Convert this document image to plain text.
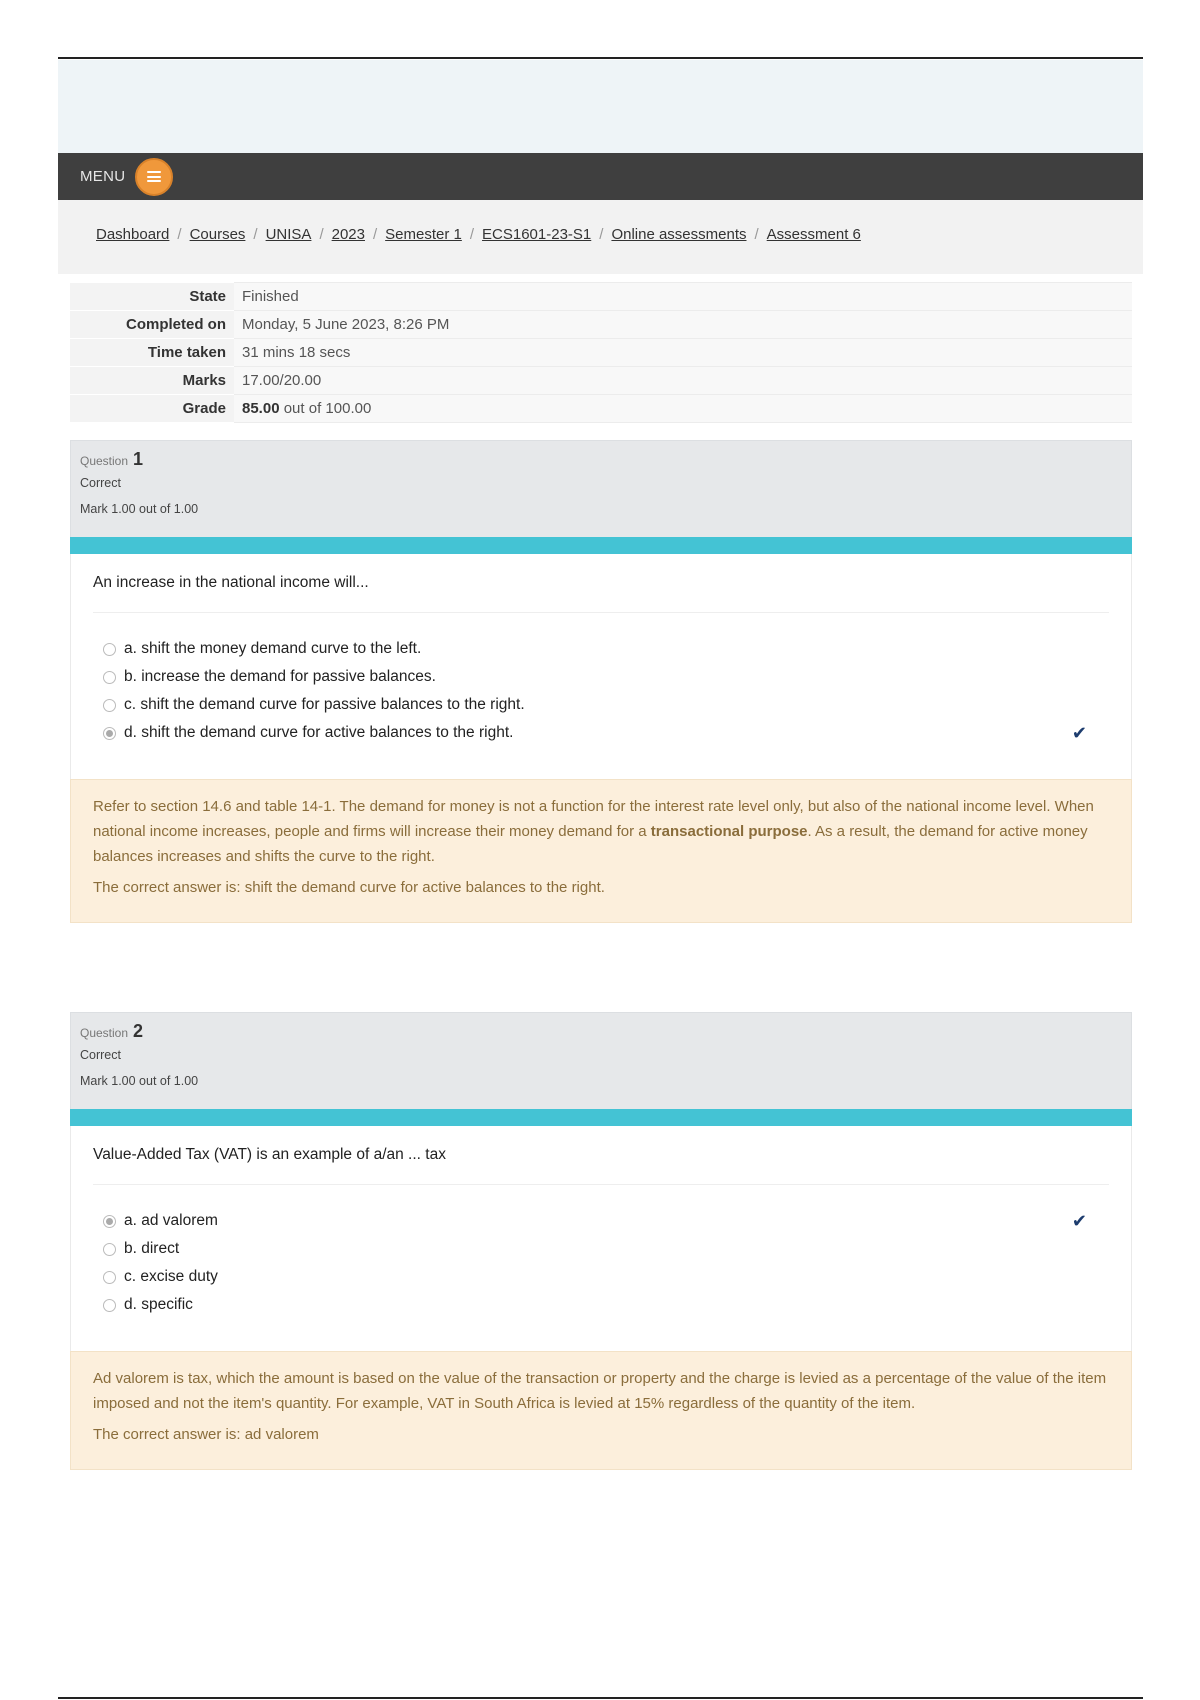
MENU
Dashboard / Courses / UNISA / 2023 / Semester 1 / ECS1601-23-S1 / Online assessments / Assessment 6
State	Finished
Completed on	Monday, 5 June 2023, 8:26 PM
Time taken	31 mins 18 secs
Marks	17.00/20.00
Grade	85.00 out of 100.00
Question 1
Correct
Mark 1.00 out of 1.00
An increase in the national income will...
a. shift the money demand curve to the left.
b. increase the demand for passive balances.
c. shift the demand curve for passive balances to the right.
d. shift the demand curve for active balances to the right.	✔

Refer to section 14.6 and table 14-1. The demand for money is not a function for the interest rate level only, but also of the national income level. When national income increases, people and firms will increase their money demand for a transactional purpose. As a result, the demand for active money balances increases and shifts the curve to the right.

The correct answer is: shift the demand curve for active balances to the right.

Question 2
Correct
Mark 1.00 out of 1.00
Value-Added Tax (VAT) is an example of a/an ... tax
a. ad valorem	✔
b. direct
c. excise duty
d. specific

Ad valorem is tax, which the amount is based on the value of the transaction or property and the charge is levied as a percentage of the value of the item imposed and not the item's quantity. For example, VAT in South Africa is levied at 15% regardless of the quantity of the item.

The correct answer is: ad valorem
